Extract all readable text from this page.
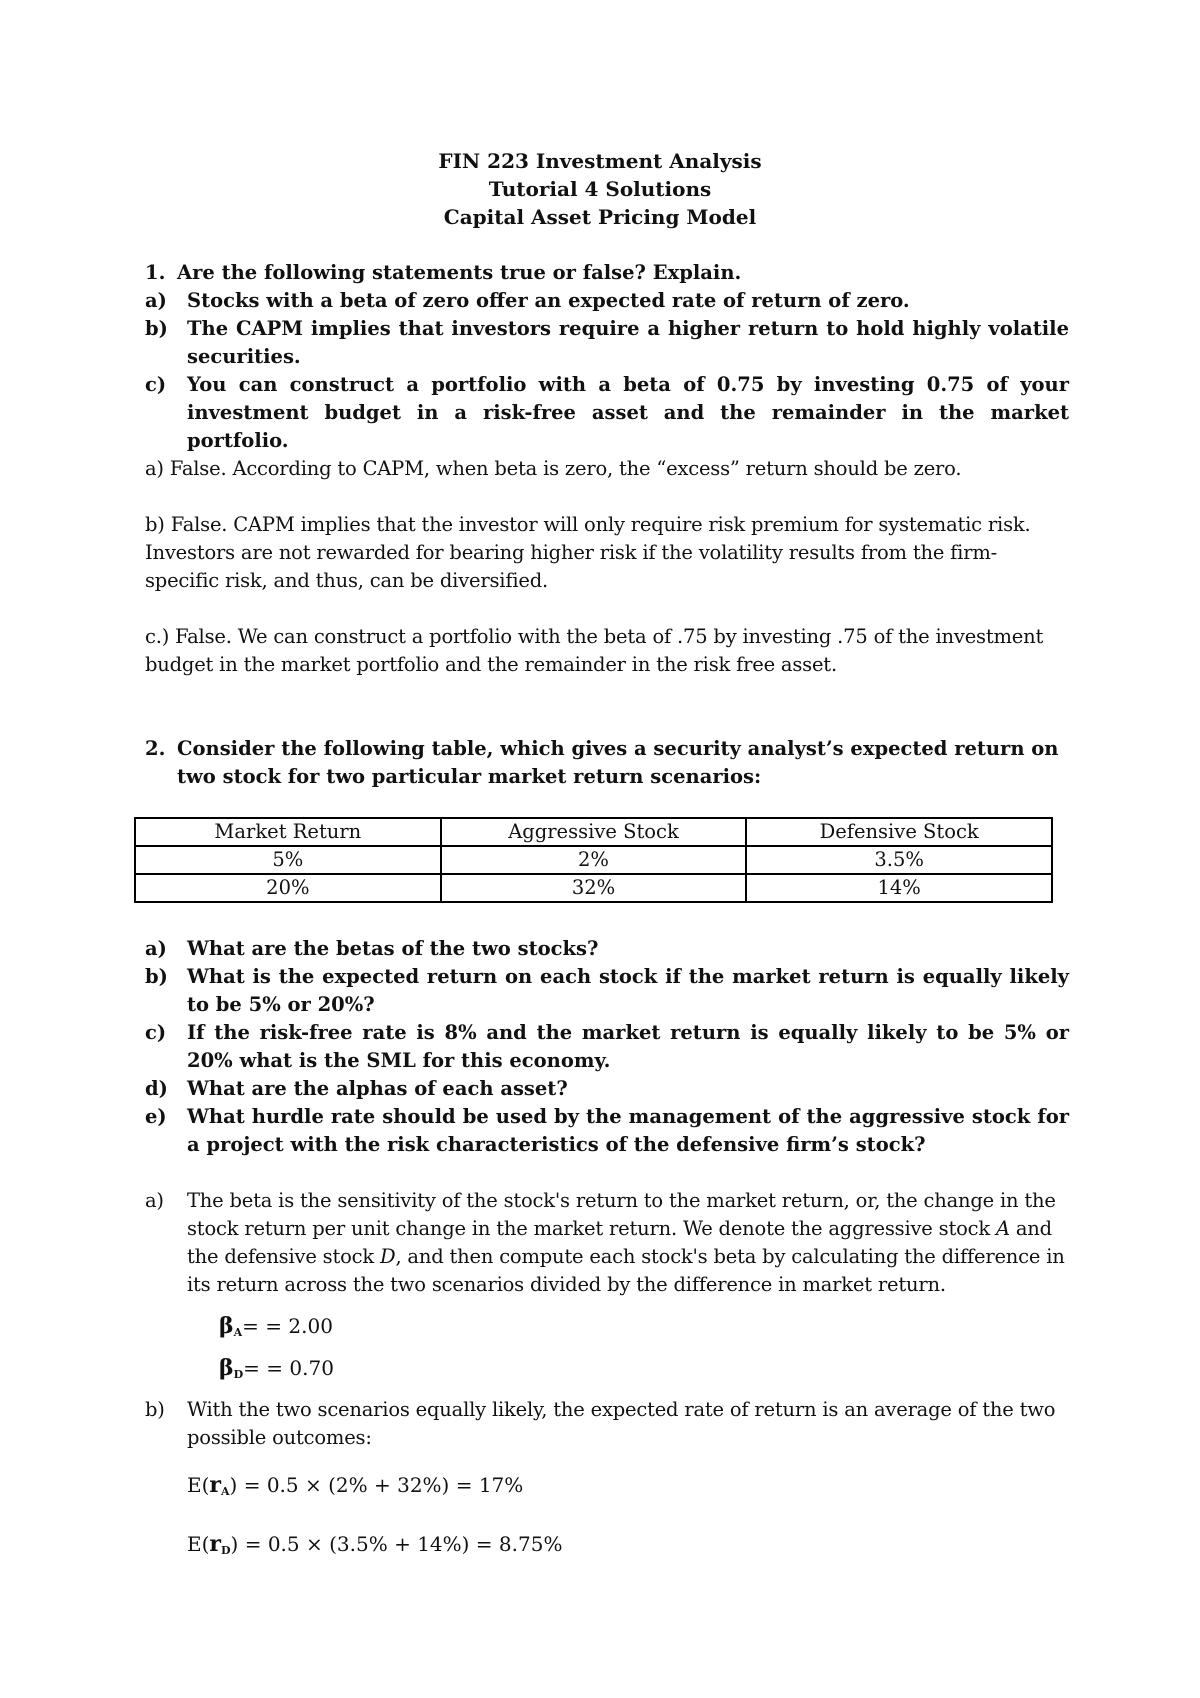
FIN 223 Investment Analysis
Tutorial 4 Solutions
Capital Asset Pricing Model
1. Are the following statements true or false? Explain.
a) Stocks with a beta of zero offer an expected rate of return of zero.
b) The CAPM implies that investors require a higher return to hold highly volatile securities.
c) You can construct a portfolio with a beta of 0.75 by investing 0.75 of your investment budget in a risk-free asset and the remainder in the market portfolio.
a) False. According to CAPM, when beta is zero, the “excess” return should be zero.
b) False. CAPM implies that the investor will only require risk premium for systematic risk. Investors are not rewarded for bearing higher risk if the volatility results from the firm-specific risk, and thus, can be diversified.
c.) False. We can construct a portfolio with the beta of .75 by investing .75 of the investment budget in the market portfolio and the remainder in the risk free asset.
2. Consider the following table, which gives a security analyst’s expected return on two stock for two particular market return scenarios:
Market Return	Aggressive Stock	Defensive Stock
5%	2%	3.5%
20%	32%	14%
a) What are the betas of the two stocks?
b) What is the expected return on each stock if the market return is equally likely to be 5% or 20%?
c) If the risk-free rate is 8% and the market return is equally likely to be 5% or 20% what is the SML for this economy.
d) What are the alphas of each asset?
e) What hurdle rate should be used by the management of the aggressive stock for a project with the risk characteristics of the defensive firm’s stock?
a) The beta is the sensitivity of the stock's return to the market return, or, the change in the stock return per unit change in the market return. We denote the aggressive stock A and the defensive stock D, and then compute each stock's beta by calculating the difference in its return across the two scenarios divided by the difference in market return.
βA= = 2.00
βD= = 0.70
b) With the two scenarios equally likely, the expected rate of return is an average of the two possible outcomes:
E(rA) = 0.5 × (2% + 32%) = 17%
E(rD) = 0.5 × (3.5% + 14%) = 8.75%
